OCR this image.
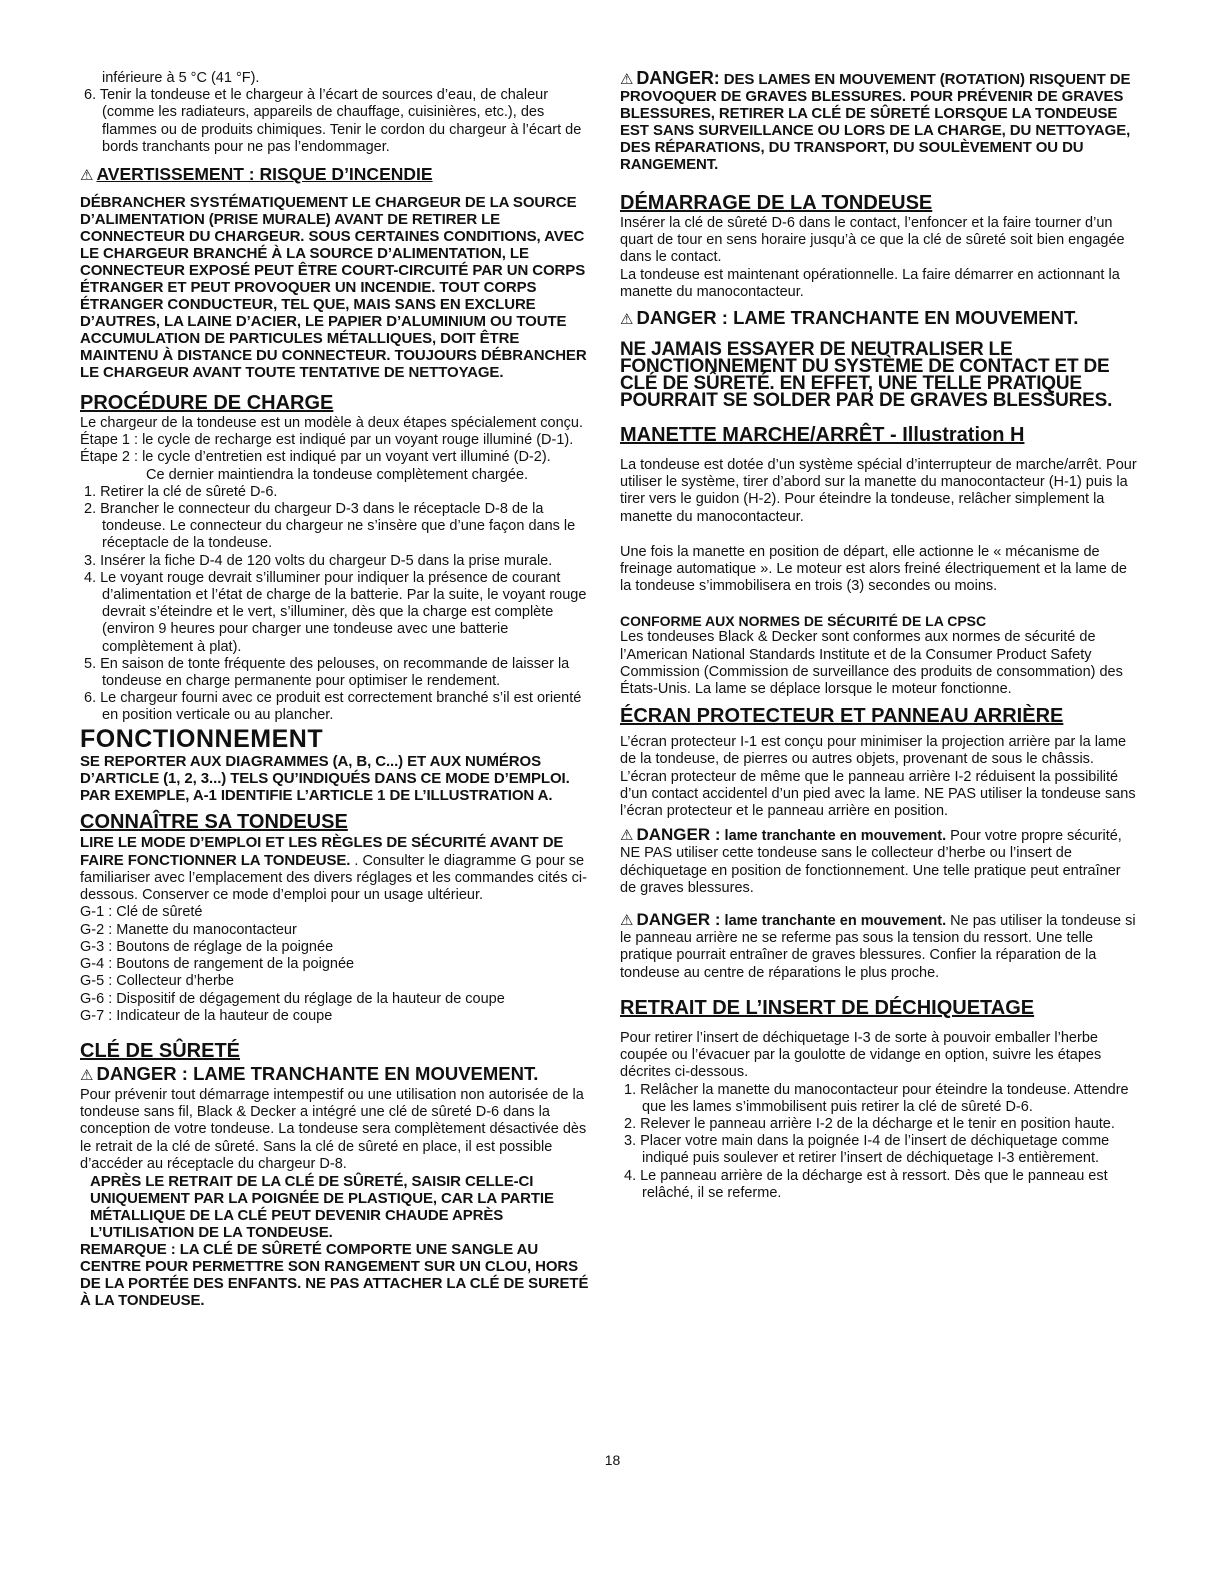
inférieure à 5 °C (41 °F).

6. Tenir la tondeuse et le chargeur à l’écart de sources d’eau, de chaleur (comme les radiateurs, appareils de chauffage, cuisinières, etc.), des flammes ou de produits chimiques. Tenir le cordon du chargeur à l’écart de bords tranchants pour ne pas l’endommager.

⚠ AVERTISSEMENT : RISQUE D’INCENDIE

DÉBRANCHER SYSTÉMATIQUEMENT LE CHARGEUR DE LA SOURCE D’ALIMENTATION (PRISE MURALE) AVANT DE RETIRER LE CONNECTEUR DU CHARGEUR. SOUS CERTAINES CONDITIONS, AVEC LE CHARGEUR BRANCHÉ À LA SOURCE D’ALIMENTATION, LE CONNECTEUR EXPOSÉ PEUT ÊTRE COURT-CIRCUITÉ PAR UN CORPS ÉTRANGER ET PEUT PROVOQUER UN INCENDIE. TOUT CORPS ÉTRANGER CONDUCTEUR, TEL QUE, MAIS SANS EN EXCLURE D’AUTRES, LA LAINE D’ACIER, LE PAPIER D’ALUMINIUM OU TOUTE ACCUMULATION DE PARTICULES MÉTALLIQUES, DOIT ÊTRE MAINTENU À DISTANCE DU CONNECTEUR. TOUJOURS DÉBRANCHER LE CHARGEUR AVANT TOUTE TENTATIVE DE NETTOYAGE.

PROCÉDURE DE CHARGE

Le chargeur de la tondeuse est un modèle à deux étapes spécialement conçu.

Étape 1 : le cycle de recharge est indiqué par un voyant rouge illuminé (D-1).

Étape 2 : le cycle d’entretien est indiqué par un voyant vert illuminé (D-2).

Ce dernier maintiendra la tondeuse complètement chargée.

1. Retirer la clé de sûreté D-6.

2. Brancher le connecteur du chargeur D-3 dans le réceptacle D-8 de la tondeuse. Le connecteur du chargeur ne s’insère que d’une façon dans le réceptacle de la tondeuse.

3. Insérer la fiche D-4 de 120 volts du chargeur D-5 dans la prise murale.

4. Le voyant rouge devrait s’illuminer pour indiquer la présence de courant d’alimentation et l’état de charge de la batterie. Par la suite, le voyant rouge devrait s’éteindre et le vert, s’illuminer, dès que la charge est complète (environ 9 heures pour charger une tondeuse avec une batterie complètement à plat).

5. En saison de tonte fréquente des pelouses, on recommande de laisser la tondeuse en charge permanente pour optimiser le rendement.

6. Le chargeur fourni avec ce produit est correctement branché s’il est orienté en position verticale ou au plancher.

FONCTIONNEMENT

SE REPORTER AUX DIAGRAMMES (A, B, C...) ET AUX NUMÉROS D’ARTICLE (1, 2, 3...) TELS QU’INDIQUÉS DANS CE MODE D’EMPLOI. PAR EXEMPLE, A-1 IDENTIFIE L’ARTICLE 1 DE L’ILLUSTRATION A.

CONNAÎTRE SA TONDEUSE

LIRE LE MODE D’EMPLOI ET LES RÈGLES DE SÉCURITÉ AVANT DE FAIRE FONCTIONNER LA TONDEUSE. . Consulter le diagramme G pour se familiariser avec l’emplacement des divers réglages et les commandes cités ci-dessous. Conserver ce mode d’emploi pour un usage ultérieur.

G-1 : Clé de sûreté

G-2 : Manette du manocontacteur

G-3 : Boutons de réglage de la poignée

G-4 : Boutons de rangement de la poignée

G-5 : Collecteur d’herbe

G-6 : Dispositif de dégagement du réglage de la hauteur de coupe

G-7 : Indicateur de la hauteur de coupe

CLÉ DE SÛRETÉ

⚠ DANGER : LAME TRANCHANTE EN MOUVEMENT.

Pour prévenir tout démarrage intempestif ou une utilisation non autorisée de la tondeuse sans fil, Black & Decker a intégré une clé de sûreté D-6 dans la conception de votre tondeuse. La tondeuse sera complètement désactivée dès le retrait de la clé de sûreté. Sans la clé de sûreté en place, il est possible d’accéder au réceptacle du chargeur D-8.

APRÈS LE RETRAIT DE LA CLÉ DE SÛRETÉ, SAISIR CELLE-CI UNIQUEMENT PAR LA POIGNÉE DE PLASTIQUE, CAR LA PARTIE MÉTALLIQUE DE LA CLÉ PEUT DEVENIR CHAUDE APRÈS L’UTILISATION DE LA TONDEUSE.

REMARQUE : LA CLÉ DE SÛRETÉ COMPORTE UNE SANGLE AU CENTRE POUR PERMETTRE SON RANGEMENT SUR UN CLOU, HORS DE LA PORTÉE DES ENFANTS. NE PAS ATTACHER LA CLÉ DE SURETÉ À LA TONDEUSE.

⚠ DANGER: DES LAMES EN MOUVEMENT (ROTATION) RISQUENT DE PROVOQUER DE GRAVES BLESSURES. POUR PRÉVENIR DE GRAVES BLESSURES, RETIRER LA CLÉ DE SÛRETÉ LORSQUE LA TONDEUSE EST SANS SURVEILLANCE OU LORS DE LA CHARGE, DU NETTOYAGE, DES RÉPARATIONS, DU TRANSPORT, DU SOULÈVEMENT OU DU RANGEMENT.

DÉMARRAGE DE LA TONDEUSE

Insérer la clé de sûreté D-6 dans le contact, l’enfoncer et la faire tourner d’un quart de tour en sens horaire jusqu’à ce que la clé de sûreté soit bien engagée dans le contact.

La tondeuse est maintenant opérationnelle. La faire démarrer en actionnant la manette du manocontacteur.

⚠ DANGER : LAME TRANCHANTE EN MOUVEMENT.

NE JAMAIS ESSAYER DE NEUTRALISER LE FONCTIONNEMENT DU SYSTÈME DE CONTACT ET DE CLÉ DE SÛRETÉ. EN EFFET, UNE TELLE PRATIQUE POURRAIT SE SOLDER PAR DE GRAVES BLESSURES.

MANETTE MARCHE/ARRÊT - Illustration H

La tondeuse est dotée d’un système spécial d’interrupteur de marche/arrêt. Pour utiliser le système, tirer d’abord sur la manette du manocontacteur (H-1) puis la tirer vers le guidon (H-2). Pour éteindre la tondeuse, relâcher simplement la manette du manocontacteur.

Une fois la manette en position de départ, elle actionne le « mécanisme de freinage automatique ». Le moteur est alors freiné électriquement et la lame de la tondeuse s’immobilisera en trois (3) secondes ou moins.

CONFORME AUX NORMES DE SÉCURITÉ DE LA CPSC

Les tondeuses Black & Decker sont conformes aux normes de sécurité de l’American National Standards Institute et de la Consumer Product Safety Commission (Commission de surveillance des produits de consommation) des États-Unis. La lame se déplace lorsque le moteur fonctionne.

ÉCRAN PROTECTEUR ET PANNEAU ARRIÈRE

L’écran protecteur I-1 est conçu pour minimiser la projection arrière par la lame de la tondeuse, de pierres ou autres objets, provenant de sous le châssis. L’écran protecteur de même que le panneau arrière I-2 réduisent la possibilité d’un contact accidentel d’un pied avec la lame. NE PAS utiliser la tondeuse sans l’écran protecteur et le panneau arrière en position.

⚠ DANGER : lame tranchante en mouvement. Pour votre propre sécurité, NE PAS utiliser cette tondeuse sans le collecteur d’herbe ou l’insert de déchiquetage en position de fonctionnement. Une telle pratique peut entraîner de graves blessures.

⚠ DANGER : lame tranchante en mouvement. Ne pas utiliser la tondeuse si le panneau arrière ne se referme pas sous la tension du ressort. Une telle pratique pourrait entraîner de graves blessures. Confier la réparation de la tondeuse au centre de réparations le plus proche.

RETRAIT DE L’INSERT DE DÉCHIQUETAGE

Pour retirer l’insert de déchiquetage I-3 de sorte à pouvoir emballer l’herbe coupée ou l’évacuer par la goulotte de vidange en option, suivre les étapes décrites ci-dessous.

1. Relâcher la manette du manocontacteur pour éteindre la tondeuse. Attendre que les lames s’immobilisent puis retirer la clé de sûreté D-6.

2. Relever le panneau arrière I-2 de la décharge et le tenir en position haute.

3. Placer votre main dans la poignée I-4 de l’insert de déchiquetage comme indiqué puis soulever et retirer l’insert de déchiquetage I-3 entièrement.

4. Le panneau arrière de la décharge est à ressort. Dès que le panneau est relâché, il se referme.

18
